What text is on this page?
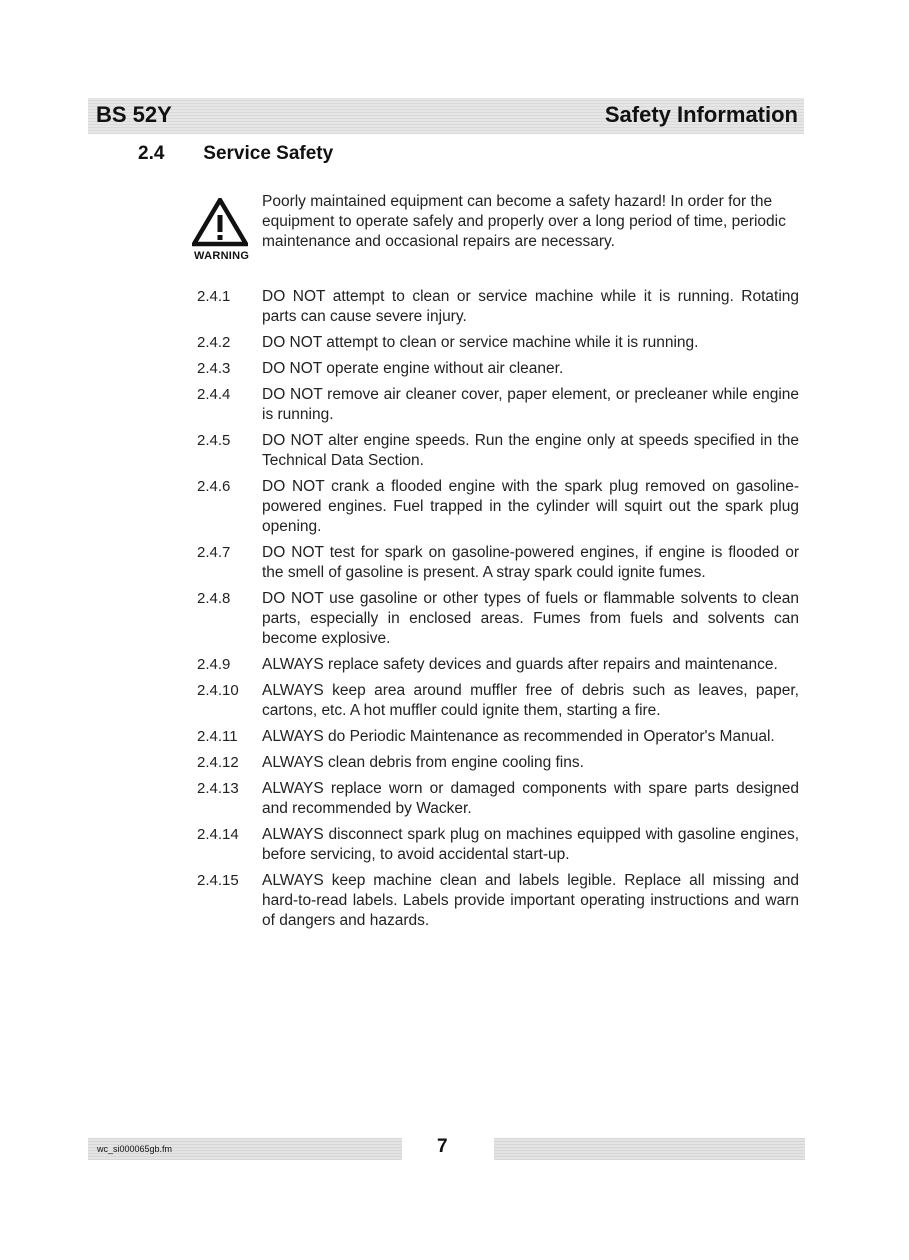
BS 52Y	Safety Information
2.4 Service Safety
WARNING
Poorly maintained equipment can become a safety hazard! In order for the equipment to operate safely and properly over a long period of time, periodic maintenance and occasional repairs are necessary.
2.4.1	DO NOT attempt to clean or service machine while it is running. Rotating parts can cause severe injury.
2.4.2	DO NOT attempt to clean or service machine while it is running.
2.4.3	DO NOT operate engine without air cleaner.
2.4.4	DO NOT remove air cleaner cover, paper element, or precleaner while engine is running.
2.4.5	DO NOT alter engine speeds. Run the engine only at speeds specified in the Technical Data Section.
2.4.6	DO NOT crank a flooded engine with the spark plug removed on gasoline-powered engines. Fuel trapped in the cylinder will squirt out the spark plug opening.
2.4.7	DO NOT test for spark on gasoline-powered engines, if engine is flooded or the smell of gasoline is present. A stray spark could ignite fumes.
2.4.8	DO NOT use gasoline or other types of fuels or flammable solvents to clean parts, especially in enclosed areas. Fumes from fuels and solvents can become explosive.
2.4.9	ALWAYS replace safety devices and guards after repairs and maintenance.
2.4.10	ALWAYS keep area around muffler free of debris such as leaves, paper, cartons, etc. A hot muffler could ignite them, starting a fire.
2.4.11	ALWAYS do Periodic Maintenance as recommended in Operator's Manual.
2.4.12	ALWAYS clean debris from engine cooling fins.
2.4.13	ALWAYS replace worn or damaged components with spare parts designed and recommended by Wacker.
2.4.14	ALWAYS disconnect spark plug on machines equipped with gasoline engines, before servicing, to avoid accidental start-up.
2.4.15	ALWAYS keep machine clean and labels legible. Replace all missing and hard-to-read labels. Labels provide important operating instructions and warn of dangers and hazards.
wc_si000065gb.fm	7
